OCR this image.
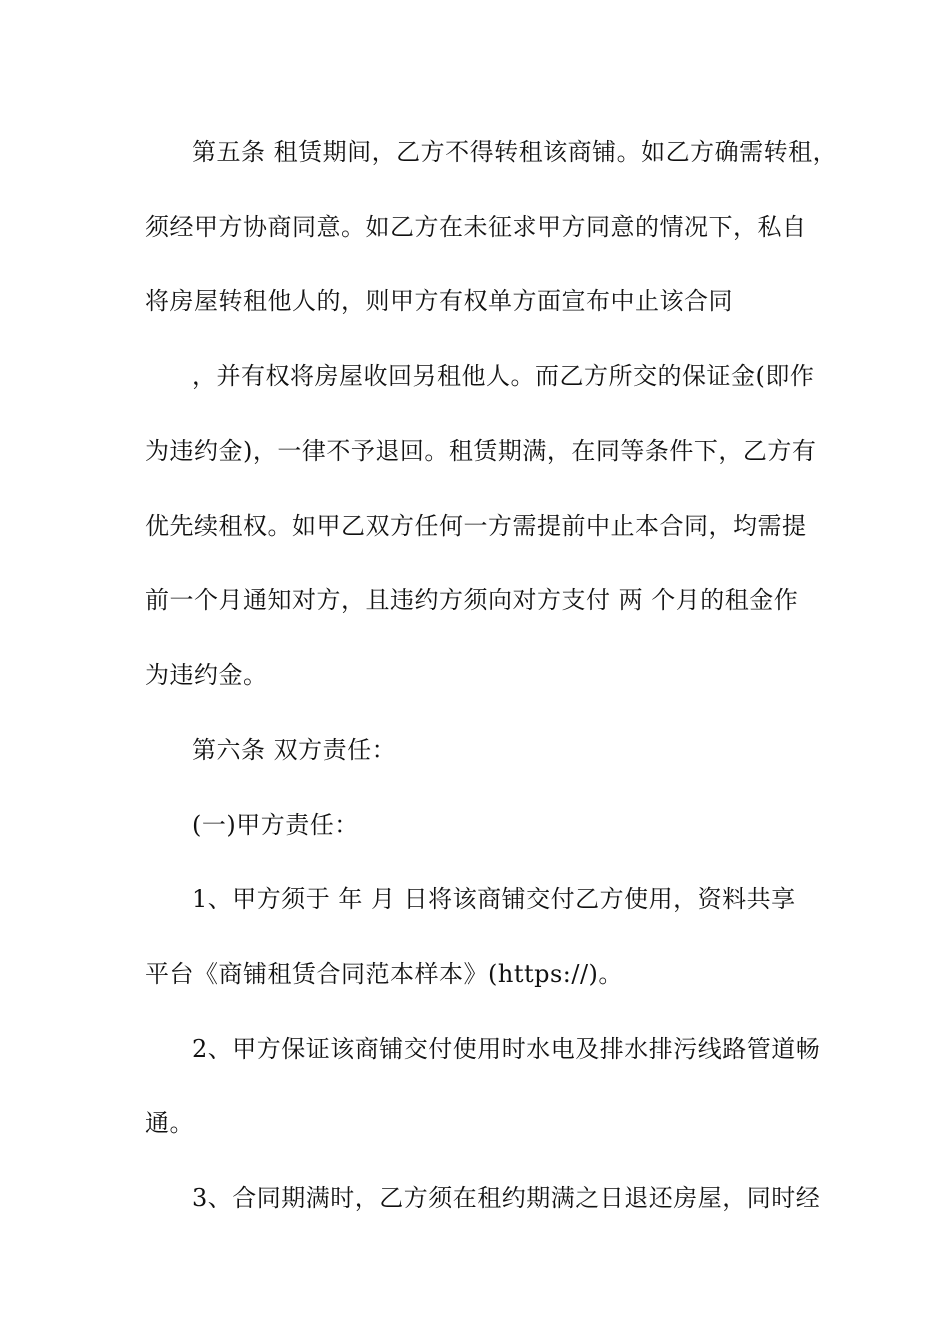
第五条 租赁期间，乙方不得转租该商铺。如乙方确需转租，
须经甲方协商同意。如乙方在未征求甲方同意的情况下，私自
将房屋转租他人的，则甲方有权单方面宣布中止该合同
，并有权将房屋收回另租他人。而乙方所交的保证金(即作
为违约金)，一律不予退回。租赁期满，在同等条件下，乙方有
优先续租权。如甲乙双方任何一方需提前中止本合同，均需提
前一个月通知对方，且违约方须向对方支付 两 个月的租金作
为违约金。
第六条 双方责任：
(一)甲方责任：
1、甲方须于 年 月 日将该商铺交付乙方使用，资料共享
平台《商铺租赁合同范本样本》(https://)。
2、甲方保证该商铺交付使用时水电及排水排污线路管道畅
通。
3、合同期满时，乙方须在租约期满之日退还房屋，同时经
